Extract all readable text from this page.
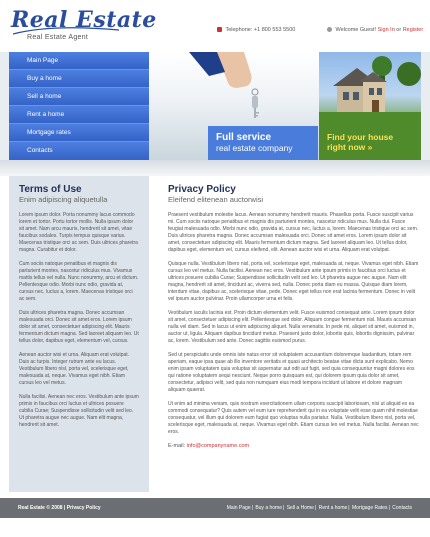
Real Estate
Real Estate Agent
Telephone: +1 800 553 5500	Welcome Guest! Sign In or Register
Main Page
Buy a home
Sell a home
Rent a home
Mortgage rates
Contacts
Full service
real estate company
Find your house
right now »
Terms of Use
Enim adipiscing aliquetulla

Lorem ipsum dolor. Porta nonummy lacus commodo lorem et tortor. Portu tortor mollis. Nulla ipsum dolor sit amet. Nam arcu mauris, hendrerit sit amet, vitae faucibus sodales. Turpis tempus quisque varius. Maecenas tristique orci ac sem. Duis ultrices pharetra magna. Curabitur et dolor.

Cum sociis natoque penatibus et magnis dis parturient montes, nascetur ridiculus mus. Vivamus mattis tellus vel nulla. Nunc nonummy, arcu et dictum. Pellentesque odio. Morbi nunc odio, gravida at, cursus nec, luctus a, lorem. Maecenas tristique orci ac sem.

Duis ultrices pharetra magna. Donec accumsan malesuada orci. Donec sit amet eros. Lorem ipsum dolor sit amet, consectetuer adipiscing elit. Mauris fermentum dictum magna. Sed laoreet aliquam leo. Ut tellus dolor, dapibus eget, elementum vel, cursus.

Aenean auctor wisi et urna. Aliquam erat volutpat. Duis ac turpis. Integer rutrum ante eu lacus. Vestibulum libero nisl, porta vel, scelerisque eget, malesuada at, neque. Vivamus eget nibh. Etiam cursus leo vel metus.

Nulla facilisi. Aenean nec eros. Vestibulum ante ipsum primis in faucibus orci luctus et ultrices posuere cubilia Curae; Suspendisse sollicitudin velit sed leo. Ut pharetra augue nec augue. Nam elit magna, hendrerit sit amet.

Privacy Policy
Eleifend elitenean auctorwisi

Praesent vestibulum molestie lacus. Aenean nonummy hendrerit mauris. Phasellus porta. Fusce suscipit varius mi. Cum sociis natoque penatibus et magnis dis parturient montes, nascetur ridiculus mus. Nulla dui. Fusce feugiat malesuada odio. Morbi nunc odio, gravida at, cursus nec, luctus a, lorem. Maecenas tristique orci ac sem. Duis ultrices pharetra magna. Donec accumsan malesuada orci. Donec sit amet eros. Lorem ipsum dolor sit amet, consectetuer adipiscing elit. Mauris fermentum dictum magna. Sed laoreet aliquam leo. Ut tellus dolor, dapibus eget, elementum vel, cursus eleifend, elit. Aenean auctor wisi et urna. Aliquam erat volutpat.

Quisque nulla. Vestibulum libero nisl, porta vel, scelerisque eget, malesuada at, neque. Vivamus eget nibh. Etiam cursus leo vel metus. Nulla facilisi. Aenean nec eros. Vestibulum ante ipsum primis in faucibus orci luctus et ultrices posuere cubilia Curae; Suspendisse sollicitudin velit sed leo. Ut pharetra augue nec augue. Nam elit magna, hendrerit sit amet, tincidunt ac, viverra sed, nulla. Donec porta diam eu massa. Quisque diam lorem, interdum vitae, dapibus ac, scelerisque vitae, pede. Donec eget tellus non erat lacinia fermentum. Donec in velit vel ipsum auctor pulvinar. Proin ullamcorper urna et felis.

Vestibulum iaculis lacinia est. Proin dictum elementum velit. Fusce euismod consequat ante. Lorem ipsum dolor sit amet, consectetuer adipiscing elit. Pellentesque sed dolor. Aliquam congue fermentum nisl. Mauris accumsan nulla vel diam. Sed in lacus ut enim adipiscing aliquet. Nulla venenatis. In pede mi, aliquet sit amet, euismod in, auctor ut, ligula. Aliquam dapibus tincidunt metus. Praesent justo dolor, lobortis quis, lobortis dignissim, pulvinar ac, lorem. Vestibulum sed ante. Donec sagittis euismod purus.

Sed ut perspiciatis unde omnis iste natus error sit voluptatem accusantium doloremque laudantium, totam rem aperiam, eaque ipsa quae ab illo inventore veritatis et quasi architecto beatae vitae dicta sunt explicabo. Nemo enim ipsam voluptatem quia voluptas sit aspernatur aut odit aut fugit, sed quia consequuntur magni dolores eos qui ratione voluptatem sequi nesciunt. Neque porro quisquam est, qui dolorem ipsum quia dolor sit amet, consectetur, adipisci velit, sed quia non numquam eius modi tempora incidunt ut labore et dolore magnam aliquam quaerat.

Ut enim ad minima veniam, quis nostrum exercitationem ullam corporis suscipit laboriosam, nisi ut aliquid ex ea commodi consequatur? Quis autem vel eum iure reprehenderit qui in ea voluptate velit esse quam nihil molestiae consequatur, vel illum qui dolorem eum fugiat quo voluptas nulla pariatur. Nulla. Vestibulum libero nisl, porta vel, scelerisque eget, malesuada at, neque. Vivamus eget nibh. Etiam cursus leo vel metus. Nulla facilisi. Aenean nec eros.

E-mail: info@companyname.com
Real Estate © 2008 | Privacy Policy	Main Page| Buy a home| Sell a Home| Rent a home| Mortgage Rates| Contacts
